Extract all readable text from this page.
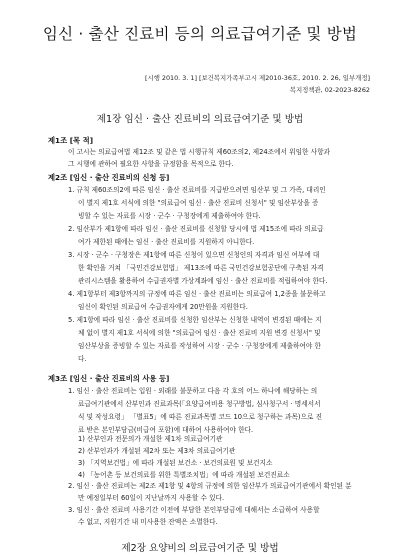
임신 · 출산 진료비 등의 의료급여기준 및 방법
[시행 2010. 3. 1] [보건복지가족부고시 제2010-36호, 2010. 2. 26, 일부개정]
복지정책관, 02-2023-8262
제1장 임신 · 출산 진료비의 의료급여기준 및 방법
제1조 [목 적]
이 고시는 의료급여법 제12조 및 같은 법 시행규칙 제60조의2, 제24조에서 위임한 사항과
그 시행에 관하여 필요한 사항을 규정함을 목적으로 한다.
제2조 [임신 · 출산 진료비의 신청 등]
1. 규칙 제60조의2에 따른 임신 · 출산 진료비를 지급받으려면 임산부 및 그 가족, 대리인
이 별지 제1호 서식에 의한 "의료급여 임신 · 출산 진료비 신청서" 및 임산부상을 증
빙할 수 있는 자료를 시장 · 군수 · 구청장에게 제출하여야 한다.
2. 임산부가 제1항에 따라 임신 · 출산 진료비를 신청할 당시에 법 제15조에 따라 의료급
여가 제한된 때에는 임신 · 출산 진료비를 지원하지 아니한다.
3. 시장 · 군수 · 구청장은 제1항에 따른 신청이 있으면 신청인의 자격과 임신 여부에 대
한 확인을 거쳐 「국민건강보험법」 제13조에 따른 국민건강보험공단에 구축된 자격
관리시스템을 활용하여 수급권자별 가상계좌에 임신 · 출산 진료비를 적립하여야 한다.
4. 제1항부터 제3항까지의 규정에 따른 임신 · 출산 진료비는 의료급여 1,2종을 불문하고
임신이 확인된 의료급여 수급권자에게 20만원을 지원한다.
5. 제1항에 따라 임신 · 출산 진료비를 신청한 임산부는 신청한 내역이 변경된 때에는 지
체 없이 별지 제1호 서식에 의한 "의료급여 임신 · 출산 진료비 지원 변경 신청서" 및
임산부상을 증빙할 수 있는 자료를 작성하여 시장 · 군수 · 구청장에게 제출하여야 한
다.
제3조 [임신 · 출산 진료비의 사용 등]
1. 임신 · 출산 진료비는 입원 · 외래를 불문하고 다음 각 호의 어느 하나에 해당하는 의
료급여기관에서 산부인과 진료과목(「요양급여비용 청구방법, 심사청구서 · 명세서서
식 및 작성요령」 「별표5」에 따른 진료과목별 코드 10으로 청구하는 과목)으로 진
료 받은 본인부담금(비급여 포함)에 대하여 사용하여야 한다.
1) 산부인과 전문의가 개설한 제1차 의료급여기관
2) 산부인과가 개설된 제2차 또는 제3차 의료급여기관
3) 「지역보건법」에 따라 개설된 보건소 · 보건의료원 및 보건지소
4) 「농어촌 등 보건의료를 위한 특별조치법」에 따라 개설된 보건진료소
2. 임신 · 출산 진료비는 제2조 제1항 및 4항의 규정에 의한 임산부가 의료급여기관에서 확인된 분
만 예정일부터 60일이 지난날까지 사용할 수 있다.
제2장 요양비의 의료급여기준 및 방법
3. 임신 · 출산 진료비 사용기간 이전에 부담한 본인부담금에 대해서는 소급하여 사용할
수 없고, 지원기간 내 미사용한 잔액은 소멸한다.
